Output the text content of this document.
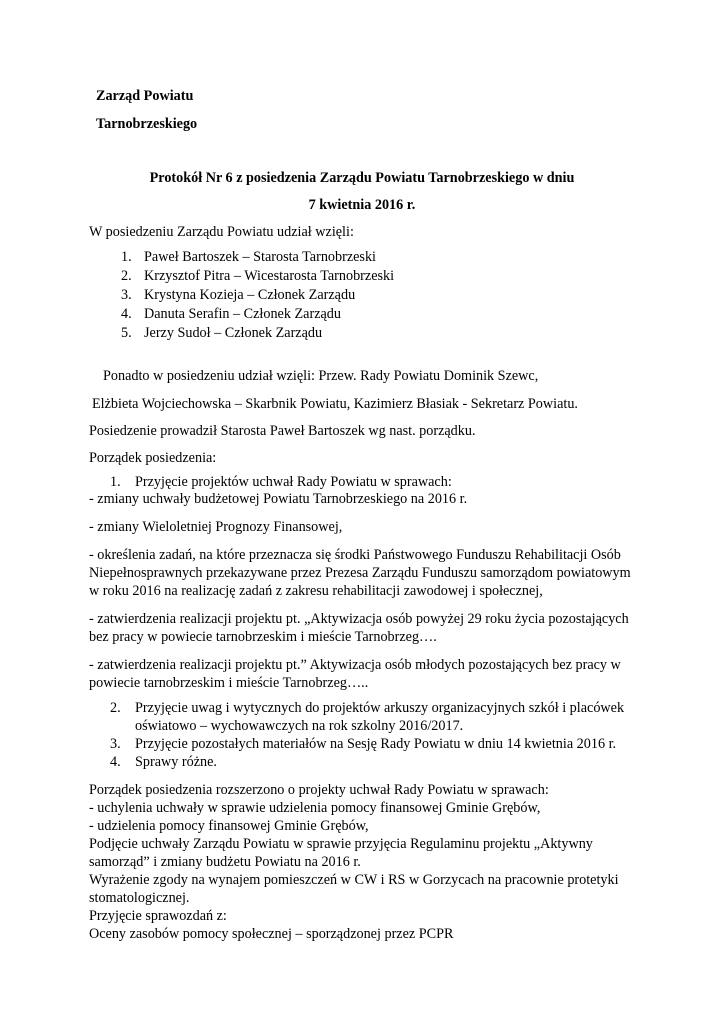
Zarząd Powiatu
Tarnobrzeskiego
Protokół Nr 6 z posiedzenia Zarządu Powiatu Tarnobrzeskiego w dniu
7 kwietnia 2016 r.
W posiedzeniu Zarządu Powiatu udział wzięli:
1. Paweł Bartoszek – Starosta Tarnobrzeski
2. Krzysztof Pitra – Wicestarosta Tarnobrzeski
3. Krystyna Kozieja – Członek Zarządu
4. Danuta Serafin – Członek Zarządu
5. Jerzy Sudoł – Członek Zarządu
Ponadto w posiedzeniu udział wzięli: Przew. Rady Powiatu Dominik Szewc,
Elżbieta Wojciechowska – Skarbnik Powiatu, Kazimierz Błasiak - Sekretarz Powiatu.
Posiedzenie prowadził Starosta Paweł Bartoszek wg nast. porządku.
Porządek posiedzenia:
1. Przyjęcie projektów uchwał Rady Powiatu w sprawach:
- zmiany uchwały budżetowej Powiatu Tarnobrzeskiego na 2016 r.
- zmiany Wieloletniej Prognozy Finansowej,
- określenia zadań, na które przeznacza się środki Państwowego Funduszu Rehabilitacji Osób
Niepełnosprawnych przekazywane przez Prezesa Zarządu Funduszu samorządom powiatowym
w roku 2016 na realizację zadań z zakresu rehabilitacji zawodowej i społecznej,
- zatwierdzenia realizacji projektu pt. „Aktywizacja osób powyżej 29 roku życia pozostających
bez pracy w powiecie tarnobrzeskim i mieście Tarnobrzeg….
- zatwierdzenia realizacji projektu pt.” Aktywizacja osób młodych pozostających bez pracy w
powiecie tarnobrzeskim i mieście Tarnobrzeg…..
2. Przyjęcie uwag i wytycznych do projektów arkuszy organizacyjnych szkół i placówek
oświatowo – wychowawczych na rok szkolny 2016/2017.
3. Przyjęcie pozostałych materiałów na Sesję Rady Powiatu w dniu 14 kwietnia 2016 r.
4. Sprawy różne.
Porządek posiedzenia rozszerzono o projekty uchwał Rady Powiatu w sprawach:
- uchylenia uchwały w sprawie udzielenia pomocy finansowej Gminie Grębów,
- udzielenia pomocy finansowej Gminie Grębów,
Podjęcie uchwały Zarządu Powiatu w sprawie przyjęcia Regulaminu projektu „Aktywny
samorząd” i zmiany budżetu Powiatu na 2016 r.
Wyrażenie zgody na wynajem pomieszczeń w CW i RS w Gorzycach na pracownie protetyki
stomatologicznej.
Przyjęcie sprawozdań z:
Oceny zasobów pomocy społecznej – sporządzonej przez PCPR
